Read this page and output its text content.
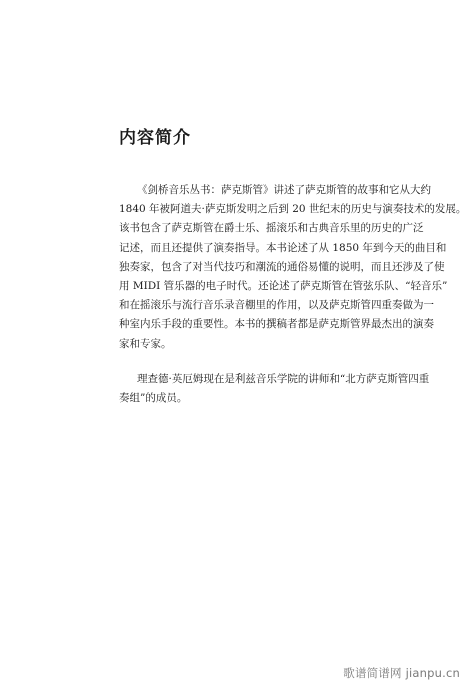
内容简介

《剑桥音乐丛书：萨克斯管》讲述了萨克斯管的故事和它从大约
1840 年被阿道夫·萨克斯发明之后到 20 世纪末的历史与演奏技术的发展。
该书包含了萨克斯管在爵士乐、摇滚乐和古典音乐里的历史的广泛
记述，而且还提供了演奏指导。本书论述了从 1850 年到今天的曲目和
独奏家，包含了对当代技巧和潮流的通俗易懂的说明，而且还涉及了使
用 MIDI 管乐器的电子时代。还论述了萨克斯管在管弦乐队、“轻音乐”
和在摇滚乐与流行音乐录音棚里的作用，以及萨克斯管四重奏做为一
种室内乐手段的重要性。本书的撰稿者都是萨克斯管界最杰出的演奏
家和专家。

理查德·英厄姆现在是利兹音乐学院的讲师和“北方萨克斯管四重
奏组”的成员。

歌谱简谱网 jianpu.cn
